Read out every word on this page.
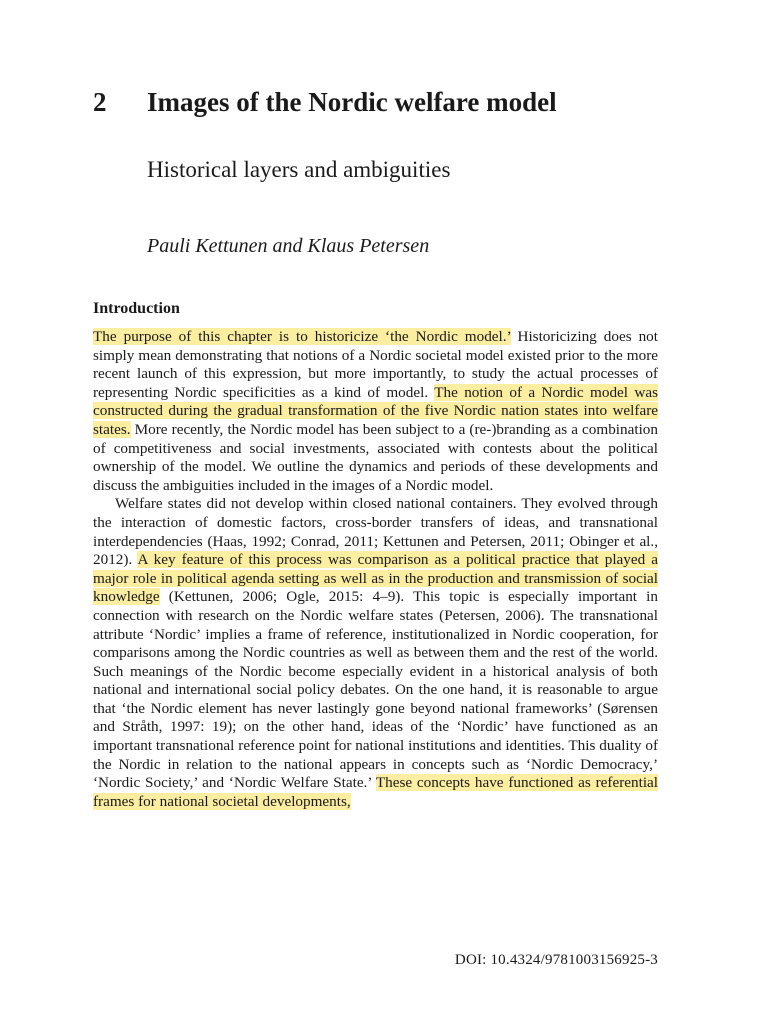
2 Images of the Nordic welfare model
Historical layers and ambiguities
Pauli Kettunen and Klaus Petersen
Introduction

The purpose of this chapter is to historicize ‘the Nordic model.’ Historicizing does not simply mean demonstrating that notions of a Nordic societal model existed prior to the more recent launch of this expression, but more importantly, to study the actual processes of representing Nordic specificities as a kind of model. The notion of a Nordic model was constructed during the gradual transformation of the five Nordic nation states into welfare states. More recently, the Nordic model has been subject to a (re-)branding as a combination of competitiveness and social investments, associated with contests about the political ownership of the model. We outline the dynamics and periods of these developments and discuss the ambiguities included in the images of a Nordic model.

Welfare states did not develop within closed national containers. They evolved through the interaction of domestic factors, cross-border transfers of ideas, and transnational interdependencies (Haas, 1992; Conrad, 2011; Kettunen and Petersen, 2011; Obinger et al., 2012). A key feature of this process was comparison as a political practice that played a major role in political agenda setting as well as in the production and transmission of social knowledge (Kettunen, 2006; Ogle, 2015: 4–9). This topic is especially important in connection with research on the Nordic welfare states (Petersen, 2006). The transnational attribute ‘Nordic’ implies a frame of reference, institutionalized in Nordic cooperation, for comparisons among the Nordic countries as well as between them and the rest of the world. Such meanings of the Nordic become especially evident in a historical analysis of both national and international social policy debates. On the one hand, it is reasonable to argue that ‘the Nordic element has never lastingly gone beyond national frameworks’ (Sørensen and Stråth, 1997: 19); on the other hand, ideas of the ‘Nordic’ have functioned as an important transnational reference point for national institutions and identities. This duality of the Nordic in relation to the national appears in concepts such as ‘Nordic Democracy,’ ‘Nordic Society,’ and ‘Nordic Welfare State.’ These concepts have functioned as referential frames for national societal developments,

DOI: 10.4324/9781003156925-3
